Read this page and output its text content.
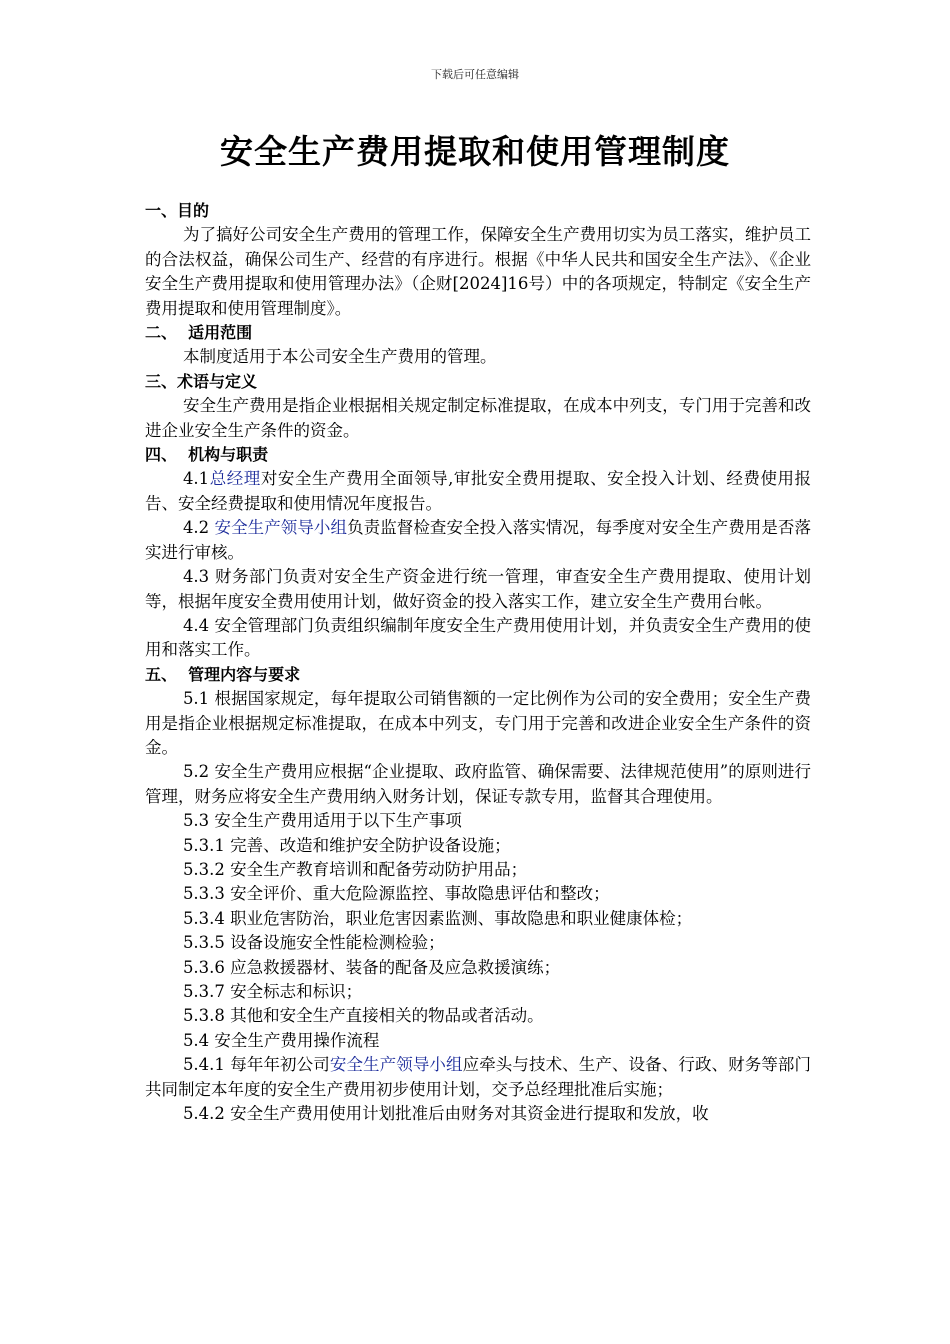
下载后可任意编辑
安全生产费用提取和使用管理制度
一、目的

为了搞好公司安全生产费用的管理工作，保障安全生产费用切实为员工落实，维护员工的合法权益，确保公司生产、经营的有序进行。根据《中华人民共和国安全生产法》、《企业安全生产费用提取和使用管理办法》（企财[2024]16号）中的各项规定，特制定《安全生产费用提取和使用管理制度》。

二、  适用范围

本制度适用于本公司安全生产费用的管理。

三、术语与定义

安全生产费用是指企业根据相关规定制定标准提取，在成本中列支，专门用于完善和改进企业安全生产条件的资金。

四、  机构与职责

4.1总经理对安全生产费用全面领导,审批安全费用提取、安全投入计划、经费使用报告、安全经费提取和使用情况年度报告。

4.2 安全生产领导小组负责监督检查安全投入落实情况，每季度对安全生产费用是否落实进行审核。

4.3 财务部门负责对安全生产资金进行统一管理，审查安全生产费用提取、使用计划等，根据年度安全费用使用计划，做好资金的投入落实工作，建立安全生产费用台帐。

4.4 安全管理部门负责组织编制年度安全生产费用使用计划，并负责安全生产费用的使用和落实工作。

五、  管理内容与要求

5.1 根据国家规定，每年提取公司销售额的一定比例作为公司的安全费用；安全生产费用是指企业根据规定标准提取，在成本中列支，专门用于完善和改进企业安全生产条件的资金。

5.2 安全生产费用应根据“企业提取、政府监管、确保需要、法律规范使用”的原则进行管理，财务应将安全生产费用纳入财务计划，保证专款专用，监督其合理使用。

5.3 安全生产费用适用于以下生产事项

5.3.1 完善、改造和维护安全防护设备设施；

5.3.2 安全生产教育培训和配备劳动防护用品；

5.3.3 安全评价、重大危险源监控、事故隐患评估和整改；

5.3.4 职业危害防治，职业危害因素监测、事故隐患和职业健康体检；

5.3.5 设备设施安全性能检测检验；

5.3.6 应急救援器材、装备的配备及应急救援演练；

5.3.7 安全标志和标识；

5.3.8 其他和安全生产直接相关的物品或者活动。

5.4 安全生产费用操作流程

5.4.1 每年年初公司安全生产领导小组应牵头与技术、生产、设备、行政、财务等部门共同制定本年度的安全生产费用初步使用计划，交予总经理批准后实施；

5.4.2 安全生产费用使用计划批准后由财务对其资金进行提取和发放，收
